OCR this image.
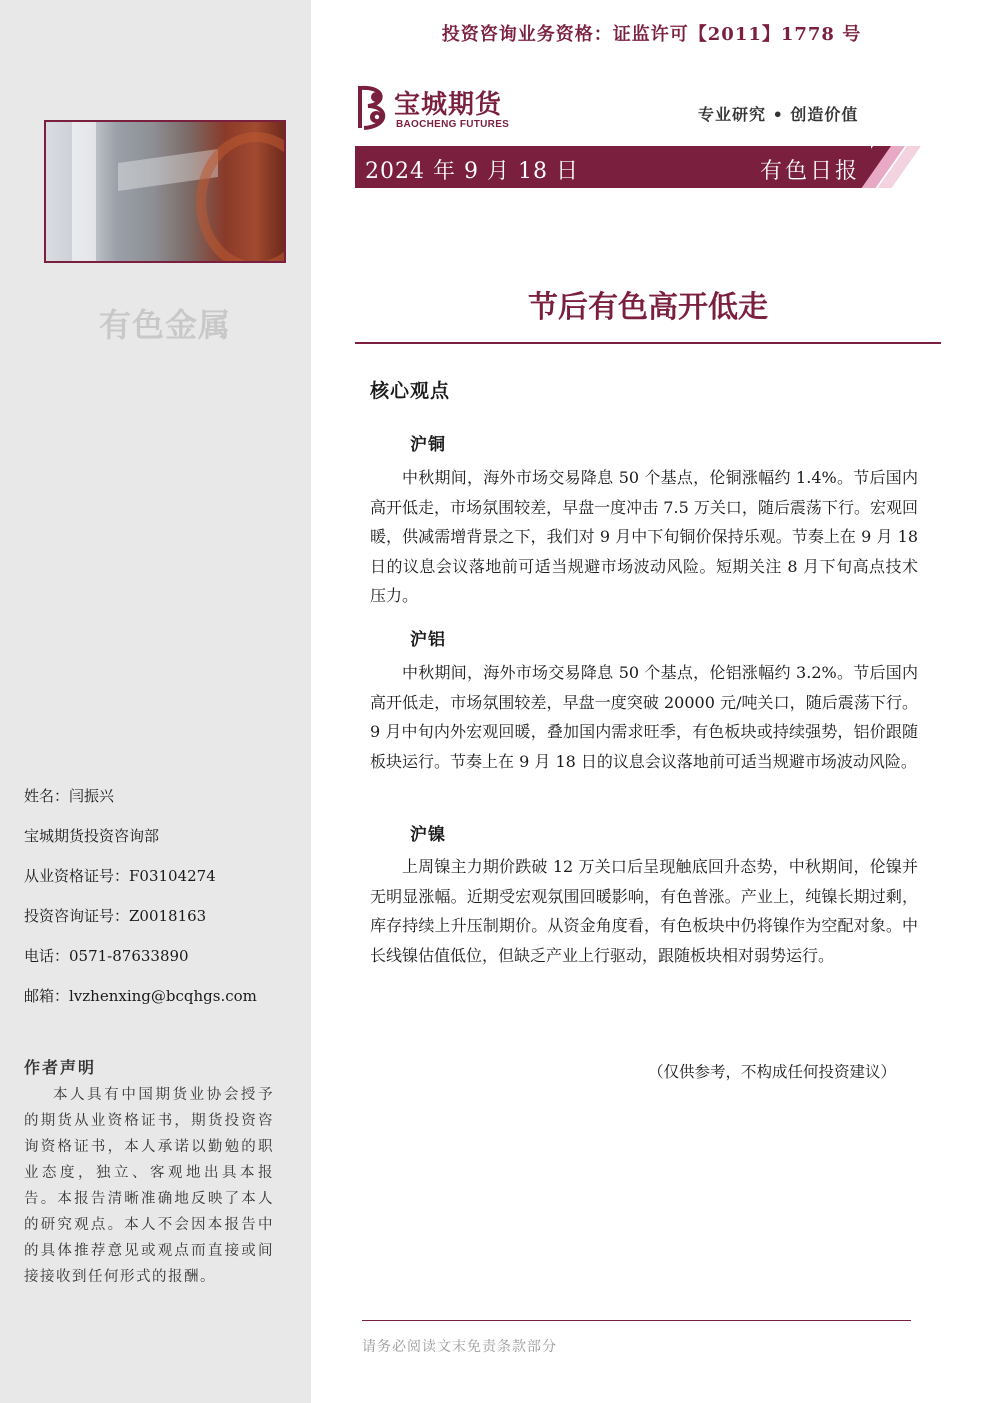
有色金属
姓名：闫振兴
宝城期货投资咨询部
从业资格证号：F03104274
投资咨询证号：Z0018163
电话：0571-87633890
邮箱：lvzhenxing@bcqhgs.com
作者声明
本人具有中国期货业协会授予的期货从业资格证书，期货投资咨询资格证书，本人承诺以勤勉的职业态度，独立、客观地出具本报告。本报告清晰准确地反映了本人的研究观点。本人不会因本报告中的具体推荐意见或观点而直接或间接接收到任何形式的报酬。
投资咨询业务资格：证监许可【2011】1778 号
宝城期货
BAOCHENG FUTURES
专业研究 • 创造价值
2024 年 9 月 18 日	有色日报
节后有色高开低走
核心观点
沪铜
中秋期间，海外市场交易降息 50 个基点，伦铜涨幅约 1.4%。节后国内高开低走，市场氛围较差，早盘一度冲击 7.5 万关口，随后震荡下行。宏观回暖，供减需增背景之下，我们对 9 月中下旬铜价保持乐观。节奏上在 9 月 18 日的议息会议落地前可适当规避市场波动风险。短期关注 8 月下旬高点技术压力。
沪铝
中秋期间，海外市场交易降息 50 个基点，伦铝涨幅约 3.2%。节后国内高开低走，市场氛围较差，早盘一度突破 20000 元/吨关口，随后震荡下行。9 月中旬内外宏观回暖，叠加国内需求旺季，有色板块或持续强势，铝价跟随板块运行。节奏上在 9 月 18 日的议息会议落地前可适当规避市场波动风险。
沪镍
上周镍主力期价跌破 12 万关口后呈现触底回升态势，中秋期间，伦镍并无明显涨幅。近期受宏观氛围回暖影响，有色普涨。产业上，纯镍长期过剩，库存持续上升压制期价。从资金角度看，有色板块中仍将镍作为空配对象。中长线镍估值低位，但缺乏产业上行驱动，跟随板块相对弱势运行。
（仅供参考，不构成任何投资建议）
请务必阅读文末免责条款部分
